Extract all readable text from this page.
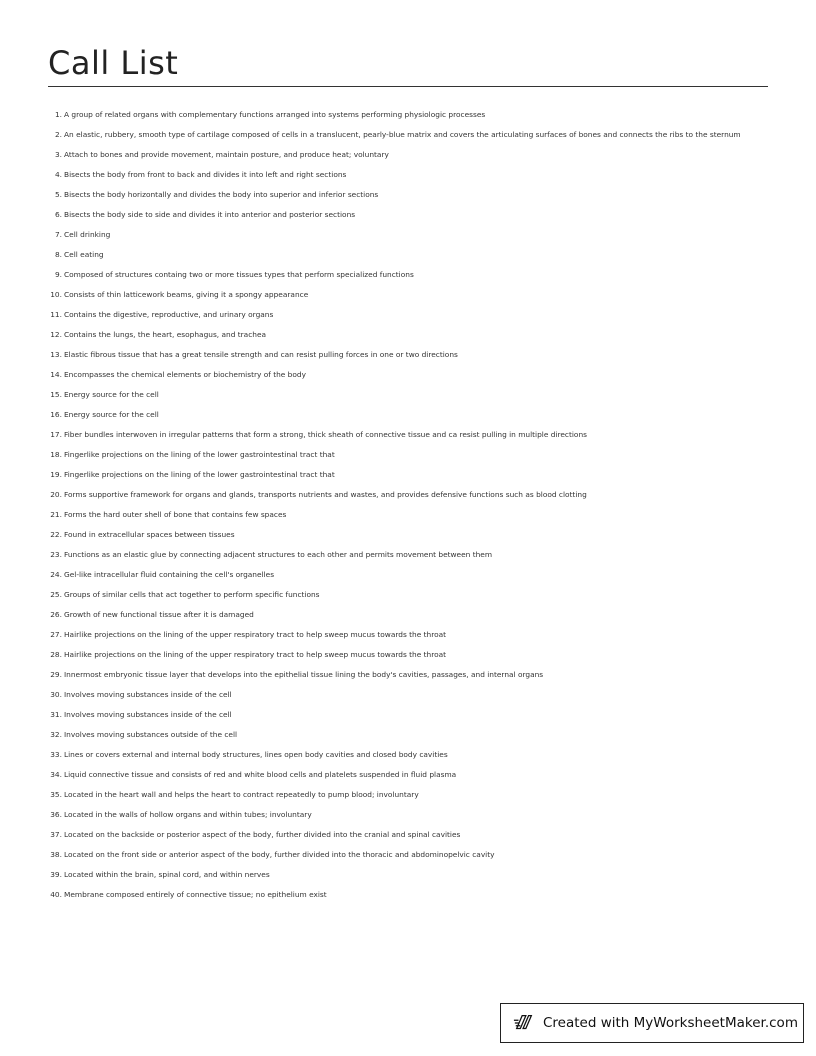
Call List
1. A group of related organs with complementary functions arranged into systems performing physiologic processes
2. An elastic, rubbery, smooth type of cartilage composed of cells in a translucent, pearly-blue matrix and covers the articulating surfaces of bones and connects the ribs to the sternum
3. Attach to bones and provide movement, maintain posture, and produce heat; voluntary
4. Bisects the body from front to back and divides it into left and right sections
5. Bisects the body horizontally and divides the body into superior and inferior sections
6. Bisects the body side to side and divides it into anterior and posterior sections
7. Cell drinking
8. Cell eating
9. Composed of structures containg two or more tissues types that perform specialized functions
10. Consists of thin latticework beams, giving it a spongy appearance
11. Contains the digestive, reproductive, and urinary organs
12. Contains the lungs, the heart, esophagus, and trachea
13. Elastic fibrous tissue that has a great tensile strength and can resist pulling forces in one or two directions
14. Encompasses the chemical elements or biochemistry of the body
15. Energy source for the cell
16. Energy source for the cell
17. Fiber bundles interwoven in irregular patterns that form a strong, thick sheath of connective tissue and ca resist pulling in multiple directions
18. Fingerlike projections on the lining of the lower gastrointestinal tract that
19. Fingerlike projections on the lining of the lower gastrointestinal tract that
20. Forms supportive framework for organs and glands, transports nutrients and wastes, and provides defensive functions such as blood clotting
21. Forms the hard outer shell of bone that contains few spaces
22. Found in extracellular spaces between tissues
23. Functions as an elastic glue by connecting adjacent structures to each other and permits movement between them
24. Gel-like intracellular fluid containing the cell's organelles
25. Groups of similar cells that act together to perform specific functions
26. Growth of new functional tissue after it is damaged
27. Hairlike projections on the lining of the upper respiratory tract to help sweep mucus towards the throat
28. Hairlike projections on the lining of the upper respiratory tract to help sweep mucus towards the throat
29. Innermost embryonic tissue layer that develops into the epithelial tissue lining the body's cavities, passages, and internal organs
30. Involves moving substances inside of the cell
31. Involves moving substances inside of the cell
32. Involves moving substances outside of the cell
33. Lines or covers external and internal body structures, lines open body cavities and closed body cavities
34. Liquid connective tissue and consists of red and white blood cells and platelets suspended in fluid plasma
35. Located in the heart wall and helps the heart to contract repeatedly to pump blood; involuntary
36. Located in the walls of hollow organs and within tubes; involuntary
37. Located on the backside or posterior aspect of the body, further divided into the cranial and spinal cavities
38. Located on the front side or anterior aspect of the body, further divided into the thoracic and abdominopelvic cavity
39. Located within the brain, spinal cord, and within nerves
40. Membrane composed entirely of connective tissue; no epithelium exist
Created with MyWorksheetMaker.com
